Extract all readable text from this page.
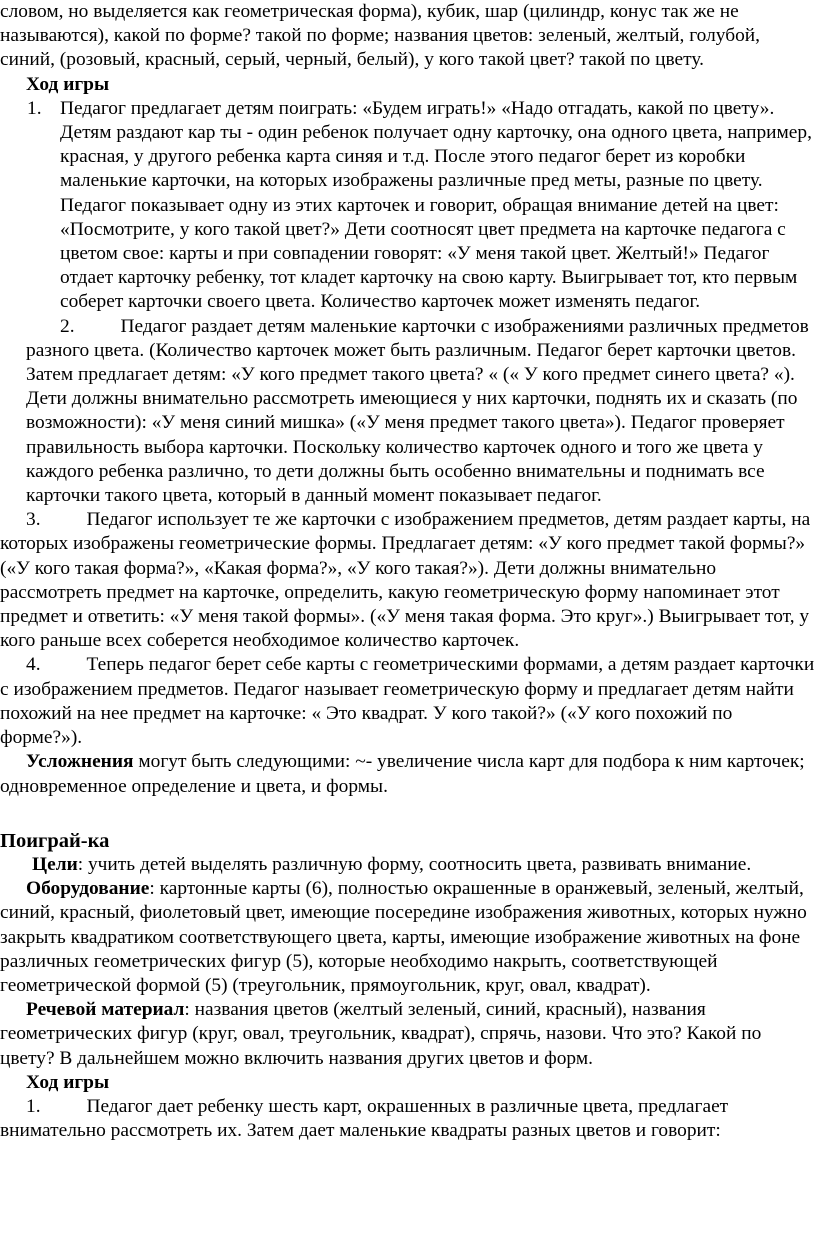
словом, но выделяется как геометрическая форма), кубик, шар (цилиндр, конус так же не называются), какой по форме? такой по форме; названия цветов: зеленый, желтый, голубой, синий, (розовый, красный, серый, черный, белый), у кого такой цвет? такой по цвету.

Ход игры

1. Педагог предлагает детям поиграть: «Будем играть!» «Надо отгадать, какой по цвету». Детям раздают кар ты - один ребенок получает одну карточку, она одного цвета, например, красная, у другого ребенка карта синяя и т.д. После этого педагог берет из коробки маленькие карточки, на которых изображены различные пред меты, разные по цвету. Педагог показывает одну из этих карточек и говорит, обращая внимание детей на цвет: «Посмотрите, у кого такой цвет?» Дети соотносят цвет предмета на карточке педагога с цветом свое: карты и при совпадении говорят: «У меня такой цвет. Желтый!» Педагог отдает карточку ребенку, тот кладет карточку на свою карту. Выигрывает тот, кто первым соберет карточки своего цвета. Количество карточек может изменять педагог.
2. Педагог раздает детям маленькие карточки с изображениями различных предметов разного цвета. (Количество карточек может быть различным. Педагог берет карточки цветов. Затем предлагает детям: «У кого предмет такого цвета? « (« У кого предмет синего цвета? «). Дети должны внимательно рассмотреть имеющиеся у них карточки, поднять их и сказать (по возможности): «У меня синий мишка» («У меня предмет такого цвета»). Педагог проверяет правильность выбора карточки. Поскольку количество карточек одного и того же цвета у каждого ребенка различно, то дети должны быть особенно внимательны и поднимать все карточки такого цвета, который в данный момент показывает педагог.
3. Педагог использует те же карточки с изображением предметов, детям раздает карты, на которых изображены геометрические формы. Предлагает детям: «У кого предмет такой формы?» («У кого такая форма?», «Какая форма?», «У кого такая?»). Дети должны внимательно рассмотреть предмет на карточке, определить, какую геометрическую форму напоминает этот предмет и ответить: «У меня такой формы». («У меня такая форма. Это круг».) Выигрывает тот, у кого раньше всех соберется необходимое количество карточек.
4. Теперь педагог берет себе карты с геометрическими формами, а детям раздает карточки с изображением предметов. Педагог называет геометрическую форму и предлагает детям найти похожий на нее предмет на карточке: « Это квадрат. У кого такой?» («У кого похожий по форме?»).

Усложнения могут быть следующими: ~- увеличение числа карт для подбора к ним карточек; одновременное определение и цвета, и формы.

Поиграй-ка

Цели: учить детей выделять различную форму, соотносить цвета, развивать внимание.

Оборудование: картонные карты (6), полностью окрашенные в оранжевый, зеленый, желтый, синий, красный, фиолетовый цвет, имеющие посередине изображения животных, которых нужно закрыть квадратиком соответствующего цвета, карты, имеющие изображение животных на фоне различных геометрических фигур (5), которые необходимо накрыть, соответствующей геометрической формой (5) (треугольник, прямоугольник, круг, овал, квадрат).

Речевой материал: названия цветов (желтый зеленый, синий, красный), названия геометрических фигур (круг, овал, треугольник, квадрат), спрячь, назови. Что это? Какой по цвету? В дальнейшем можно включить названия других цветов и форм.

Ход игры

1. Педагог дает ребенку шесть карт, окрашенных в различные цвета, предлагает внимательно рассмотреть их. Затем дает маленькие квадраты разных цветов и говорит:
